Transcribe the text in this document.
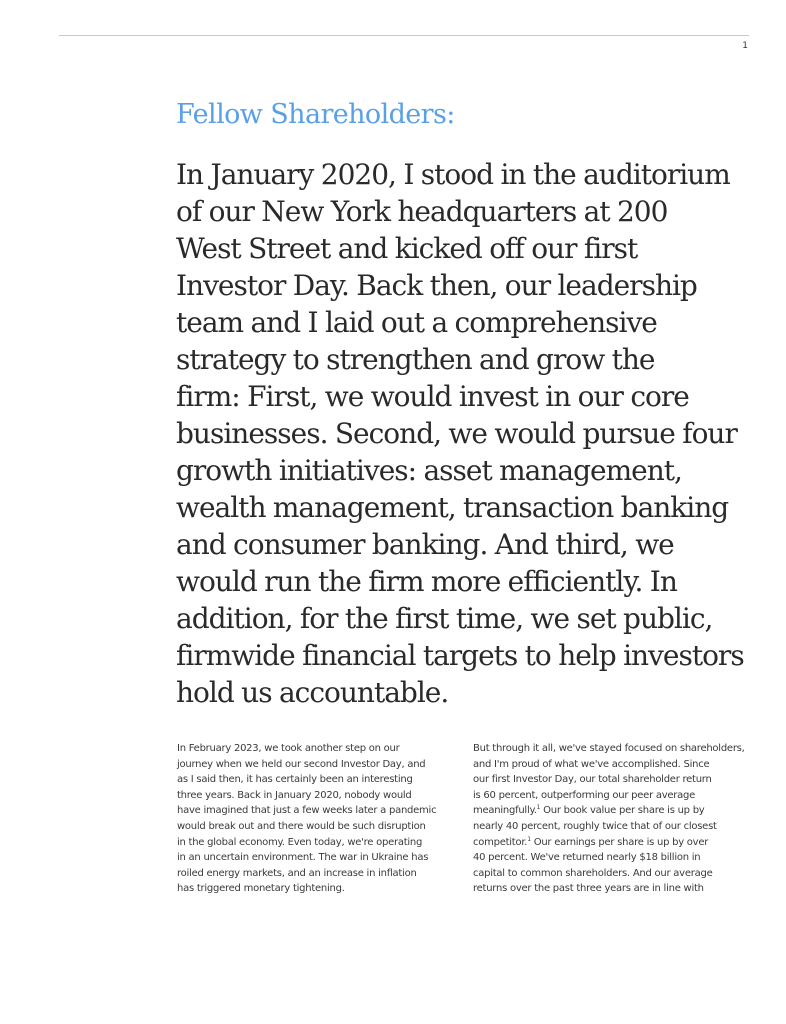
1
Fellow Shareholders:

In January 2020, I stood in the auditorium
of our New York headquarters at 200
West Street and kicked off our first
Investor Day. Back then, our leadership
team and I laid out a comprehensive
strategy to strengthen and grow the
firm: First, we would invest in our core
businesses. Second, we would pursue four
growth initiatives: asset management,
wealth management, transaction banking
and consumer banking. And third, we
would run the firm more efficiently. In
addition, for the first time, we set public,
firmwide financial targets to help investors
hold us accountable.

In February 2023, we took another step on our
journey when we held our second Investor Day, and
as I said then, it has certainly been an interesting
three years. Back in January 2020, nobody would
have imagined that just a few weeks later a pandemic
would break out and there would be such disruption
in the global economy. Even today, we're operating
in an uncertain environment. The war in Ukraine has
roiled energy markets, and an increase in inflation
has triggered monetary tightening.

But through it all, we've stayed focused on shareholders,
and I'm proud of what we've accomplished. Since
our first Investor Day, our total shareholder return
is 60 percent, outperforming our peer average
meaningfully.$^1$ Our book value per share is up by
nearly 40 percent, roughly twice that of our closest
competitor.$^1$ Our earnings per share is up by over
40 percent. We've returned nearly $18 billion in
capital to common shareholders. And our average
returns over the past three years are in line with
